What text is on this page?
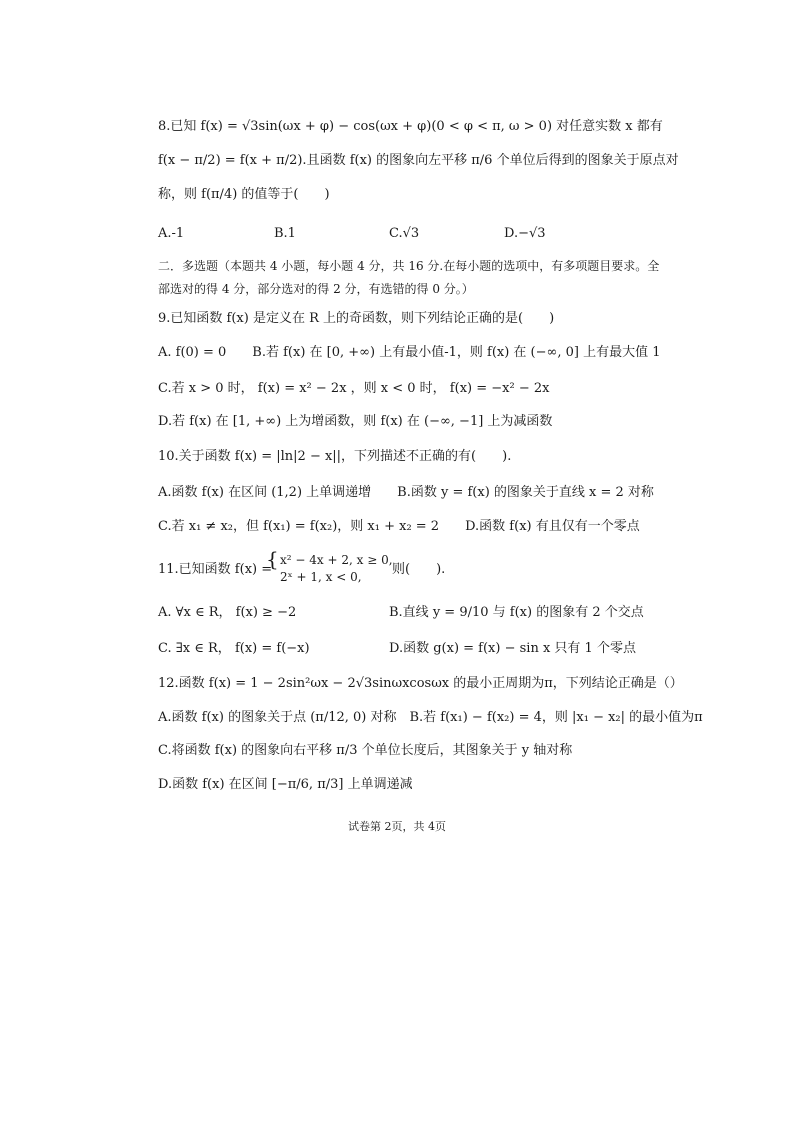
8.已知 f(x) = √3sin(ωx + φ) − cos(ωx + φ)(0 < φ < π, ω > 0) 对任意实数 x 都有
f(x − π/2) = f(x + π/2).且函数 f(x) 的图象向左平移 π/6 个单位后得到的图象关于原点对
称，则 f(π/4) 的值等于(　　)
A.-1	B.1	C.√3	D.−√3
二．多选题（本题共 4 小题，每小题 4 分，共 16 分.在每小题的选项中，有多项题目要求。全
部选对的得 4 分，部分选对的得 2 分，有选错的得 0 分。）
9.已知函数 f(x) 是定义在 R 上的奇函数，则下列结论正确的是(　　)
A. f(0) = 0　　B.若 f(x) 在 [0, +∞) 上有最小值-1，则 f(x) 在 (−∞, 0] 上有最大值 1
C.若 x > 0 时， f(x) = x² − 2x ，则 x < 0 时， f(x) = −x² − 2x
D.若 f(x) 在 [1, +∞) 上为增函数，则 f(x) 在 (−∞, −1] 上为减函数
10.关于函数 f(x) = |ln|2 − x||，下列描述不正确的有(　　).
A.函数 f(x) 在区间 (1,2) 上单调递增　　B.函数 y = f(x) 的图象关于直线 x = 2 对称
C.若 x₁ ≠ x₂，但 f(x₁) = f(x₂)，则 x₁ + x₂ = 2　　D.函数 f(x) 有且仅有一个零点
11.已知函数 f(x) =
{ x² − 4x + 2, x ≥ 0,
2ˣ + 1, x < 0, 则(　　).
A. ∀x ∈ R， f(x) ≥ −2	B.直线 y = 9/10 与 f(x) 的图象有 2 个交点
C. ∃x ∈ R， f(x) = f(−x)	D.函数 g(x) = f(x) − sin x 只有 1 个零点
12.函数 f(x) = 1 − 2sin²ωx − 2√3sinωxcosωx 的最小正周期为π，下列结论正确是（）
A.函数 f(x) 的图象关于点 (π/12, 0) 对称　B.若 f(x₁) − f(x₂) = 4，则 |x₁ − x₂| 的最小值为π
C.将函数 f(x) 的图象向右平移 π/3 个单位长度后，其图象关于 y 轴对称
D.函数 f(x) 在区间 [−π/6, π/3] 上单调递减
试卷第 2页，共 4页
